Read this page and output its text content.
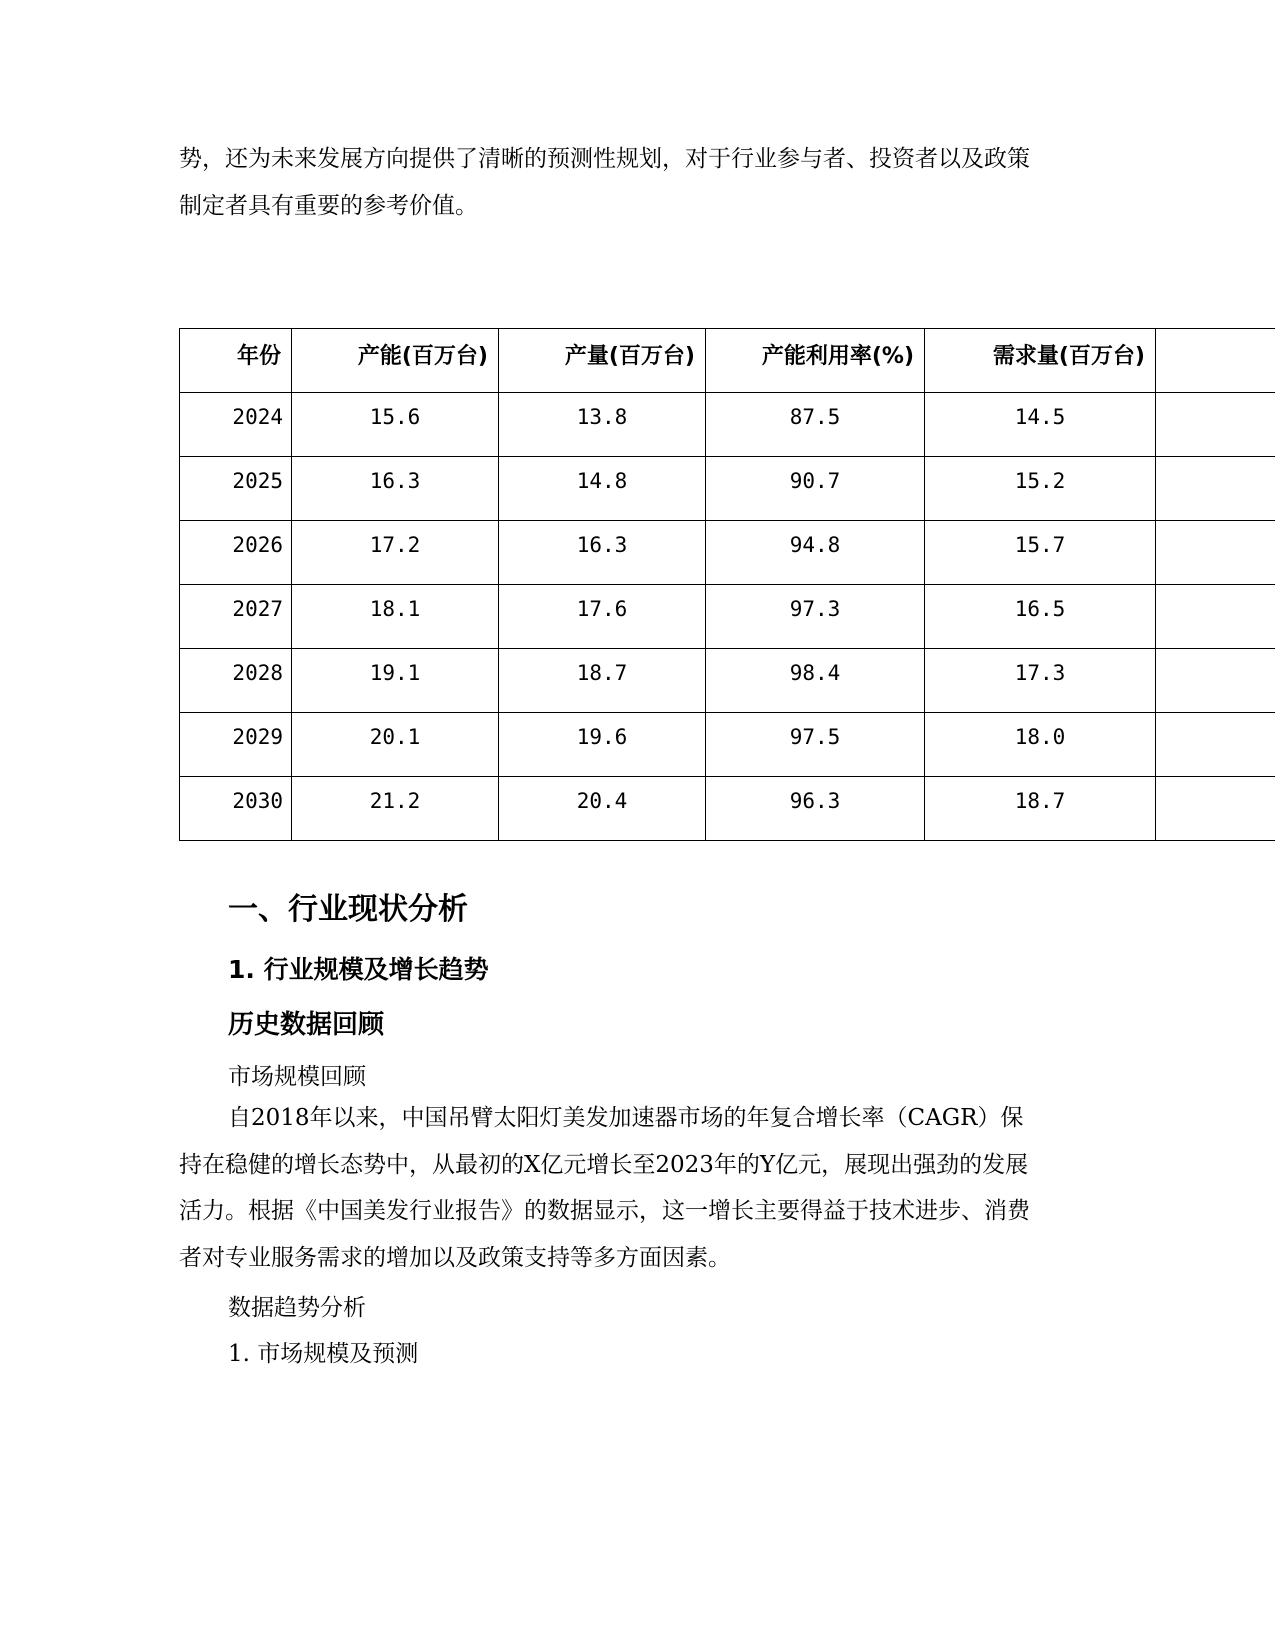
势，还为未来发展方向提供了清晰的预测性规划，对于行业参与者、投资者以及政策制定者具有重要的参考价值。

年份	产能(百万台)	产量(百万台)	产能利用率(%)	需求量(百万台)	
2024	15.6	13.8	87.5	14.5	
2025	16.3	14.8	90.7	15.2	
2026	17.2	16.3	94.8	15.7	
2027	18.1	17.6	97.3	16.5	
2028	19.1	18.7	98.4	17.3	
2029	20.1	19.6	97.5	18.0	
2030	21.2	20.4	96.3	18.7	
一、行业现状分析
1. 行业规模及增长趋势
历史数据回顾

市场规模回顾

自2018年以来，中国吊臂太阳灯美发加速器市场的年复合增长率（CAGR）保持在稳健的增长态势中，从最初的X亿元增长至2023年的Y亿元，展现出强劲的发展活力。根据《中国美发行业报告》的数据显示，这一增长主要得益于技术进步、消费者对专业服务需求的增加以及政策支持等多方面因素。

数据趋势分析

1. 市场规模及预测
